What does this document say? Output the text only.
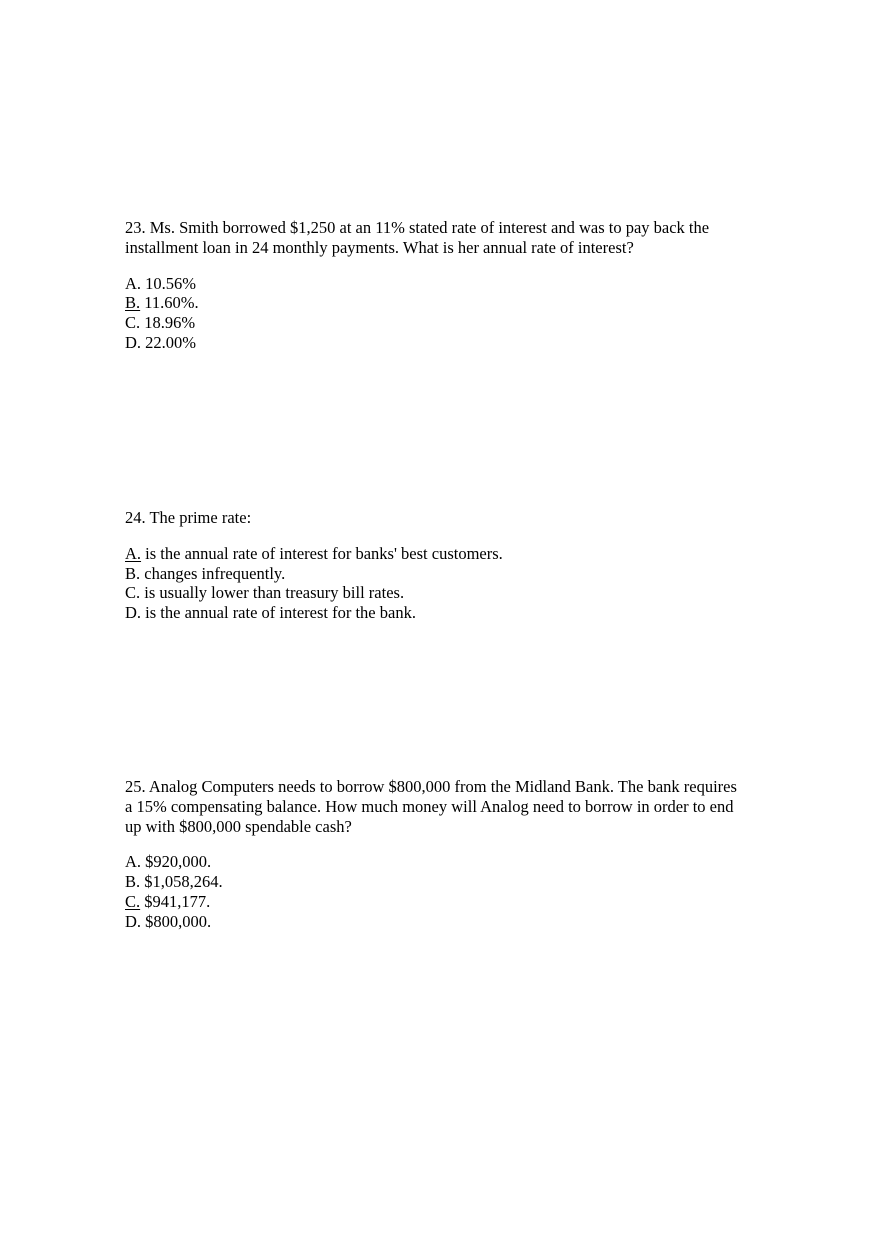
23. Ms. Smith borrowed $1,250 at an 11% stated rate of interest and was to pay back the
installment loan in 24 monthly payments. What is her annual rate of interest?

A. 10.56%
B. 11.60%.
C. 18.96%
D. 22.00%

24. The prime rate:

A. is the annual rate of interest for banks' best customers.
B. changes infrequently.
C. is usually lower than treasury bill rates.
D. is the annual rate of interest for the bank.

25. Analog Computers needs to borrow $800,000 from the Midland Bank. The bank requires
a 15% compensating balance. How much money will Analog need to borrow in order to end
up with $800,000 spendable cash?

A. $920,000.
B. $1,058,264.
C. $941,177.
D. $800,000.
